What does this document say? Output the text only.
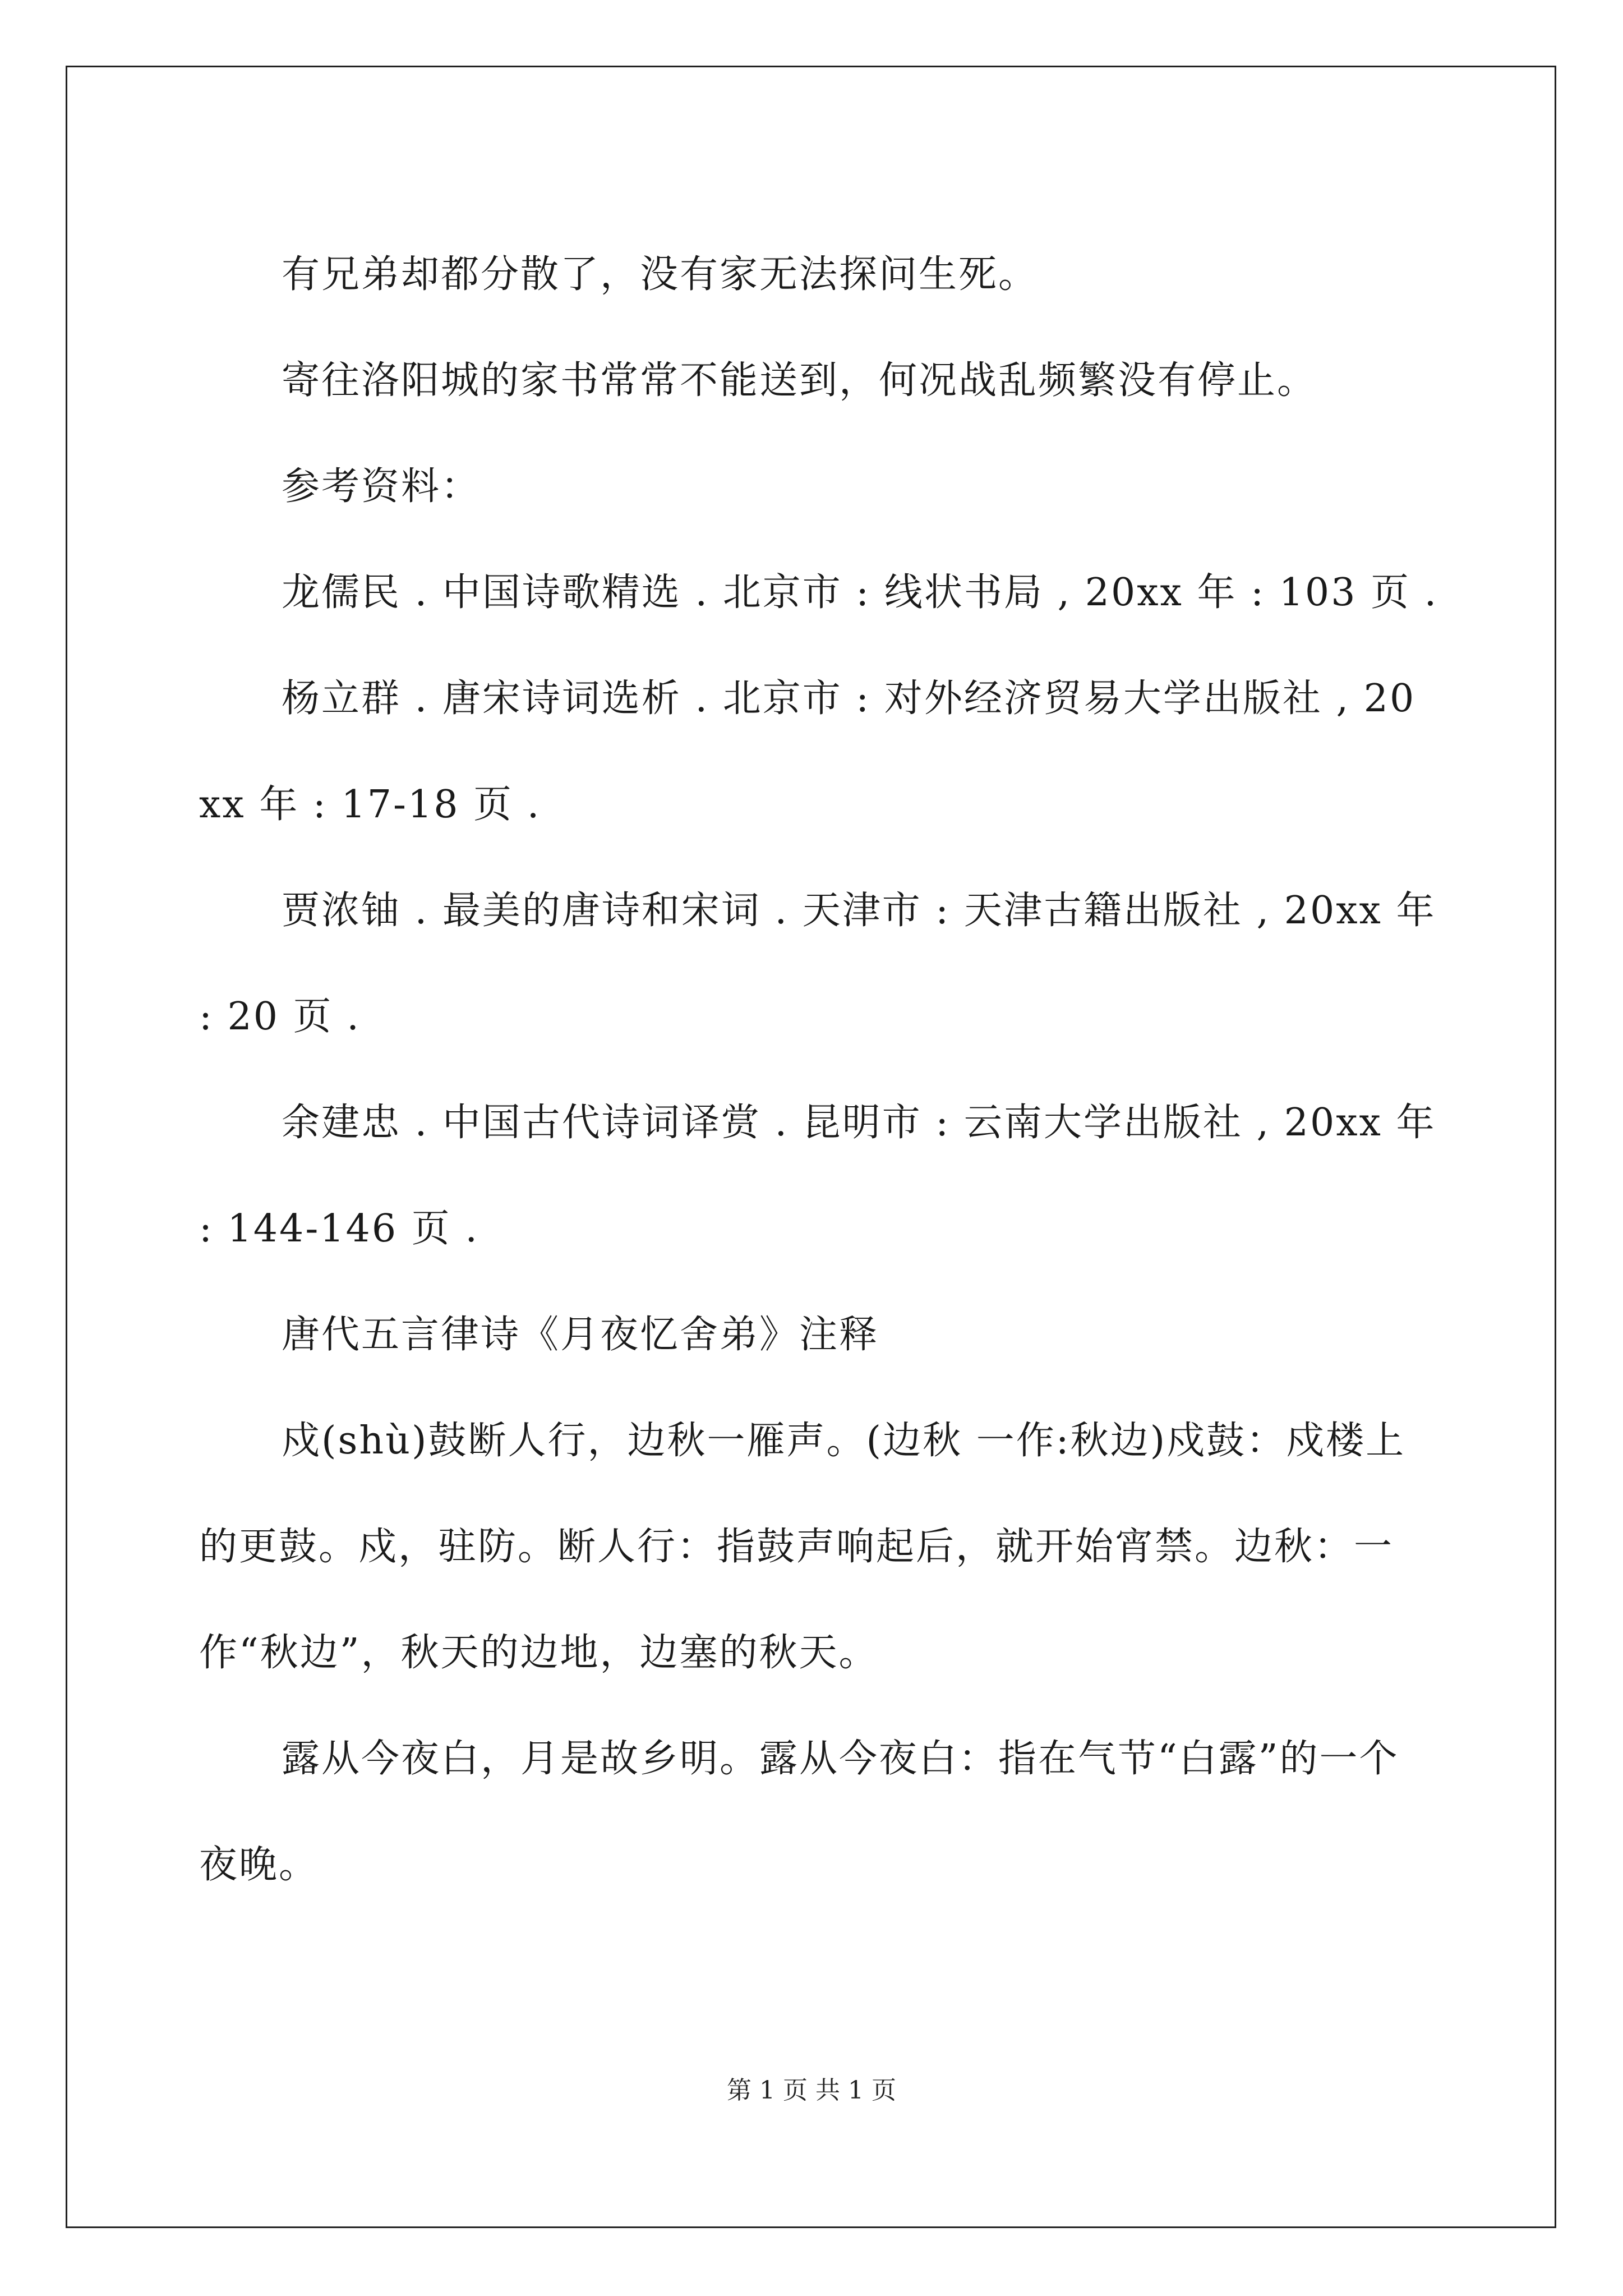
有兄弟却都分散了，没有家无法探问生死。

寄往洛阳城的家书常常不能送到，何况战乱频繁没有停止。

参考资料：

龙儒民 . 中国诗歌精选 . 北京市 : 线状书局 , 20xx 年 : 103 页 .

杨立群 . 唐宋诗词选析 . 北京市 : 对外经济贸易大学出版社 , 20xx 年 : 17-18 页 .

贾浓铀 . 最美的唐诗和宋词 . 天津市 : 天津古籍出版社 , 20xx 年 : 20 页 .

余建忠 . 中国古代诗词译赏 . 昆明市 : 云南大学出版社 , 20xx 年 : 144-146 页 .

唐代五言律诗《月夜忆舍弟》注释

戍(shù)鼓断人行，边秋一雁声。(边秋 一作:秋边)戍鼓：戍楼上的更鼓。戍，驻防。断人行：指鼓声响起后，就开始宵禁。边秋：一作“秋边”，秋天的边地，边塞的秋天。

露从今夜白，月是故乡明。露从今夜白：指在气节“白露”的一个夜晚。

第 1 页 共 1 页
